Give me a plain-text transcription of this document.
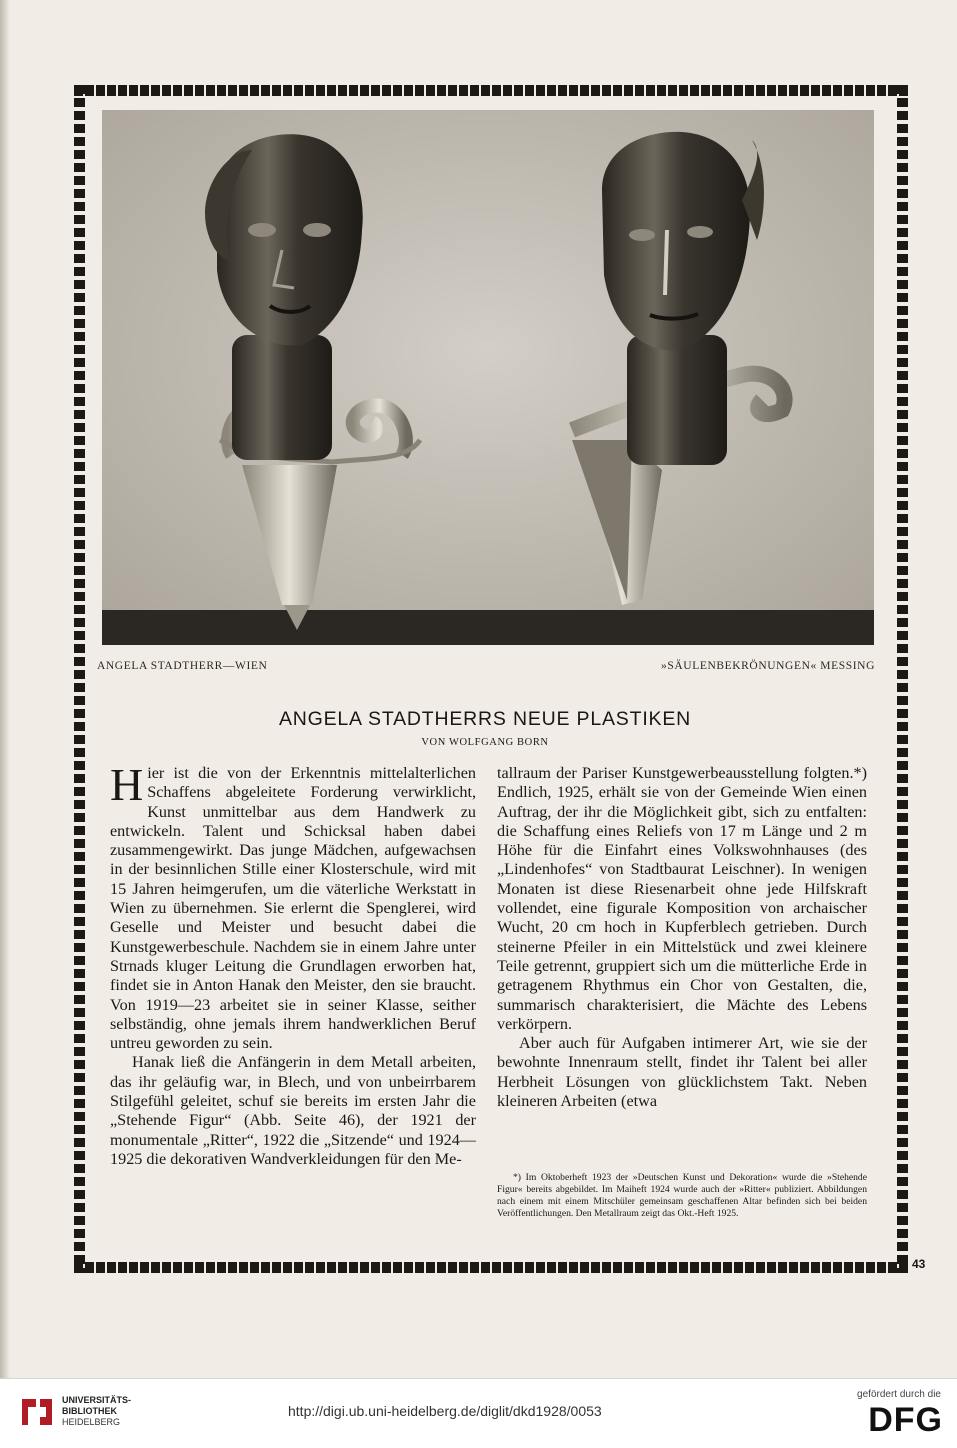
ANGELA STADTHERR—WIEN	»SÄULENBEKRÖNUNGEN« MESSING
ANGELA STADTHERRS NEUE PLASTIKEN
VON WOLFGANG BORN

Hier ist die von der Erkenntnis mittelalterlichen Schaffens abgeleitete Forderung verwirklicht, Kunst unmittelbar aus dem Handwerk zu entwickeln. Talent und Schicksal haben dabei zusammengewirkt. Das junge Mädchen, aufgewachsen in der besinnlichen Stille einer Klosterschule, wird mit 15 Jahren heimgerufen, um die väterliche Werkstatt in Wien zu übernehmen. Sie erlernt die Spenglerei, wird Geselle und Meister und besucht dabei die Kunstgewerbeschule. Nachdem sie in einem Jahre unter Strnads kluger Leitung die Grundlagen erworben hat, findet sie in Anton Hanak den Meister, den sie braucht. Von 1919—23 arbeitet sie in seiner Klasse, seither selbständig, ohne jemals ihrem handwerklichen Beruf untreu geworden zu sein.

Hanak ließ die Anfängerin in dem Metall arbeiten, das ihr geläufig war, in Blech, und von unbeirrbarem Stilgefühl geleitet, schuf sie bereits im ersten Jahr die „Stehende Figur“ (Abb. Seite 46), der 1921 der monumentale „Ritter“, 1922 die „Sitzende“ und 1924—1925 die dekorativen Wandverkleidungen für den Me-

tallraum der Pariser Kunstgewerbeausstellung folgten.*) Endlich, 1925, erhält sie von der Gemeinde Wien einen Auftrag, der ihr die Möglichkeit gibt, sich zu entfalten: die Schaffung eines Reliefs von 17 m Länge und 2 m Höhe für die Einfahrt eines Volkswohnhauses (des „Lindenhofes“ von Stadtbaurat Leischner). In wenigen Monaten ist diese Riesenarbeit ohne jede Hilfskraft vollendet, eine figurale Komposition von archaischer Wucht, 20 cm hoch in Kupferblech getrieben. Durch steinerne Pfeiler in ein Mittelstück und zwei kleinere Teile getrennt, gruppiert sich um die mütterliche Erde in getragenem Rhythmus ein Chor von Gestalten, die, summarisch charakterisiert, die Mächte des Lebens verkörpern.

Aber auch für Aufgaben intimerer Art, wie sie der bewohnte Innenraum stellt, findet ihr Talent bei aller Herbheit Lösungen von glücklichstem Takt. Neben kleineren Arbeiten (etwa

*) Im Oktoberheft 1923 der »Deutschen Kunst und Dekoration« wurde die »Stehende Figur« bereits abgebildet. Im Maiheft 1924 wurde auch der »Ritter« publiziert. Abbildungen nach einem mit einem Mitschüler gemeinsam geschaffenen Altar befinden sich bei beiden Veröffentlichungen. Den Metallraum zeigt das Okt.-Heft 1925.
43
UNIVERSITÄTS-
BIBLIOTHEK
HEIDELBERG
http://digi.ub.uni-heidelberg.de/diglit/dkd1928/0053
gefördert durch die
DFG
